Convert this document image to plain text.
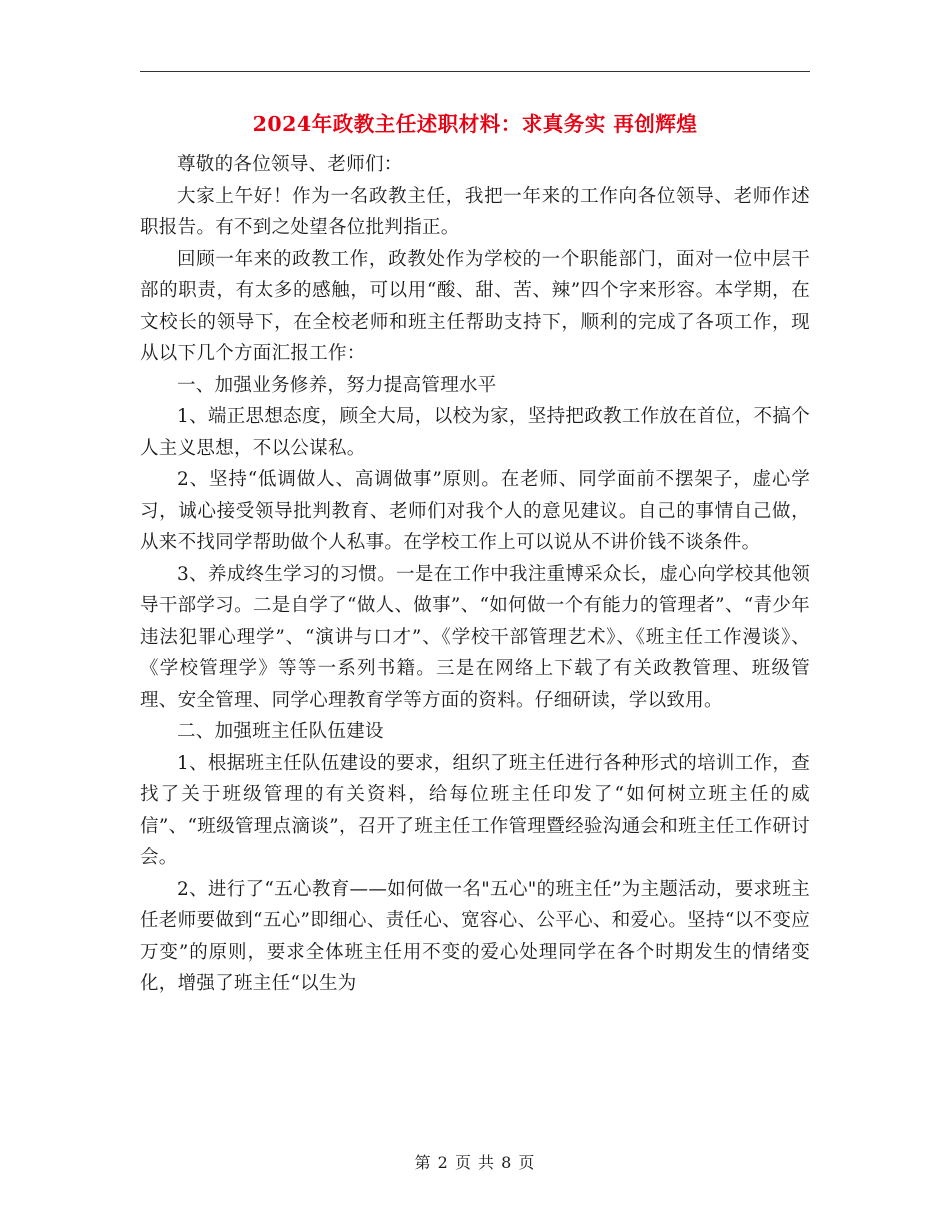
2024年政教主任述职材料：求真务实 再创辉煌

尊敬的各位领导、老师们：

大家上午好！作为一名政教主任，我把一年来的工作向各位领导、老师作述职报告。有不到之处望各位批判指正。

回顾一年来的政教工作，政教处作为学校的一个职能部门，面对一位中层干部的职责，有太多的感触，可以用“酸、甜、苦、辣”四个字来形容。本学期，在文校长的领导下，在全校老师和班主任帮助支持下，顺利的完成了各项工作，现从以下几个方面汇报工作：

一、加强业务修养，努力提高管理水平

1、端正思想态度，顾全大局，以校为家，坚持把政教工作放在首位，不搞个人主义思想，不以公谋私。

2、坚持“低调做人、高调做事”原则。在老师、同学面前不摆架子，虚心学习，诚心接受领导批判教育、老师们对我个人的意见建议。自己的事情自己做，从来不找同学帮助做个人私事。在学校工作上可以说从不讲价钱不谈条件。

3、养成终生学习的习惯。一是在工作中我注重博采众长，虚心向学校其他领导干部学习。二是自学了“做人、做事”、“如何做一个有能力的管理者”、“青少年违法犯罪心理学”、“演讲与口才”、《学校干部管理艺术》、《班主任工作漫谈》、《学校管理学》等等一系列书籍。三是在网络上下载了有关政教管理、班级管理、安全管理、同学心理教育学等方面的资料。仔细研读，学以致用。

二、加强班主任队伍建设

1、根据班主任队伍建设的要求，组织了班主任进行各种形式的培训工作，查找了关于班级管理的有关资料，给每位班主任印发了“如何树立班主任的威信”、“班级管理点滴谈”，召开了班主任工作管理暨经验沟通会和班主任工作研讨会。

2、进行了“五心教育——如何做一名"五心"的班主任”为主题活动，要求班主任老师要做到“五心”即细心、责任心、宽容心、公平心、和爱心。坚持“以不变应万变”的原则，要求全体班主任用不变的爱心处理同学在各个时期发生的情绪变化，增强了班主任“以生为

第 2 页 共 8 页
